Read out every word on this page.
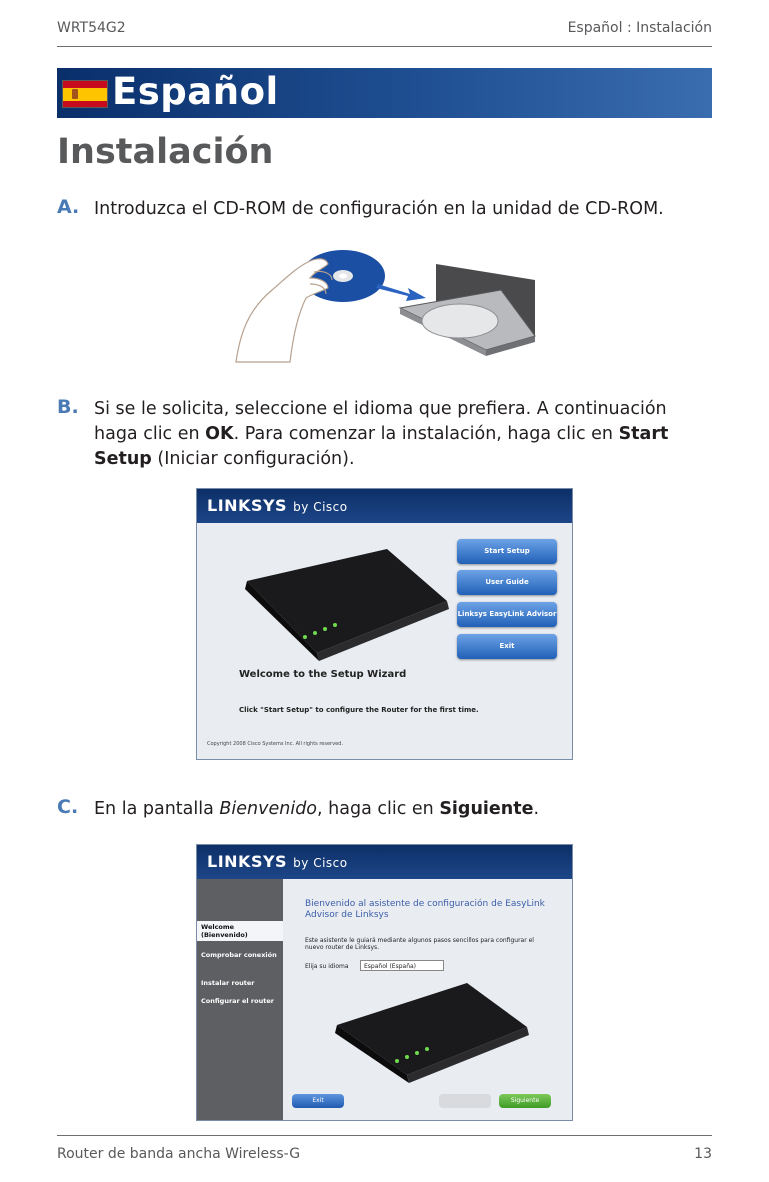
WRT54G2	Español : Instalación
Español
Instalación
A. Introduzca el CD-ROM de configuración en la unidad de CD-ROM.
B. Si se le solicita, seleccione el idioma que prefiera. A continuación haga clic en OK. Para comenzar la instalación, haga clic en Start Setup (Iniciar configuración).
LINKSYS by Cisco
Start Setup
User Guide
Linksys EasyLink Advisor
Exit
Welcome to the Setup Wizard
Click "Start Setup" to configure the Router for the first time.
Copyright 2008 Cisco Systems Inc. All rights reserved.
C. En la pantalla Bienvenido, haga clic en Siguiente.
LINKSYS by Cisco
Welcome (Bienvenido)
Comprobar conexión
Instalar router
Configurar el router
Bienvenido al asistente de configuración de EasyLink Advisor de Linksys
Este asistente le guiará mediante algunos pasos sencillos para configurar el nuevo router de Linksys.
Elija su idioma	Español (España)
Exit	Siguiente
Router de banda ancha Wireless-G	13
